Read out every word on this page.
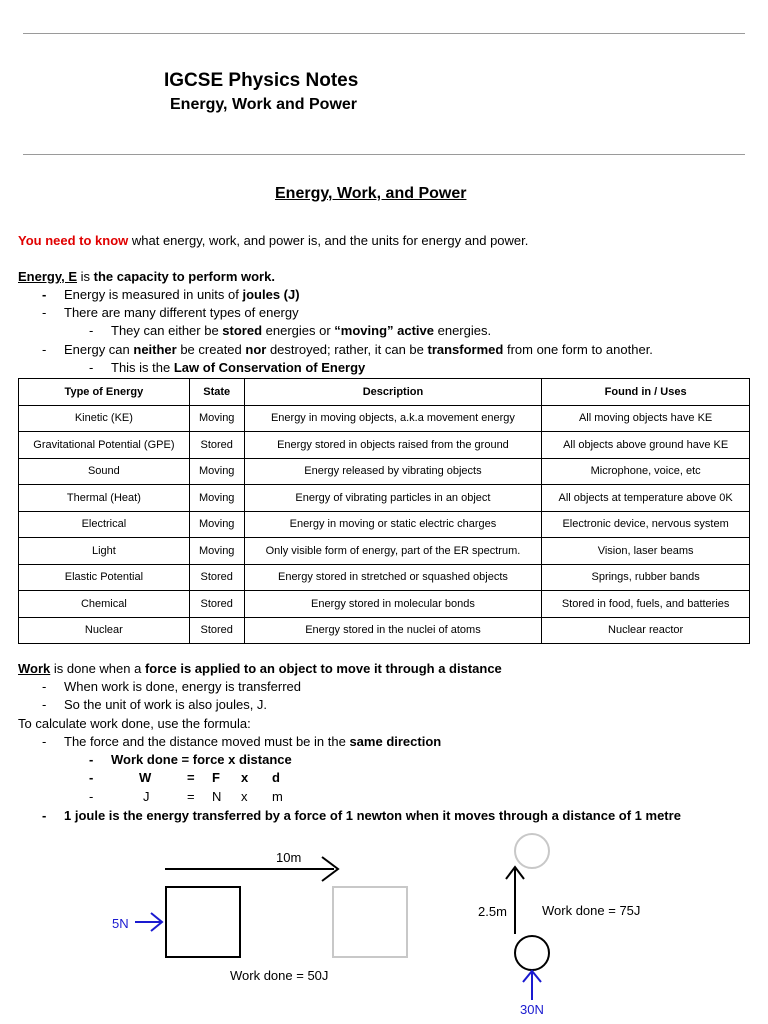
IGCSE Physics Notes
Energy, Work and Power
Energy, Work, and Power
You need to know what energy, work, and power is, and the units for energy and power.
Energy, E is the capacity to perform work.
- Energy is measured in units of joules (J)
- There are many different types of energy
- They can either be stored energies or “moving” active energies.
- Energy can neither be created nor destroyed; rather, it can be transformed from one form to another.
- This is the Law of Conservation of Energy
Type of Energy	State	Description	Found in / Uses
Kinetic (KE)	Moving	Energy in moving objects, a.k.a movement energy	All moving objects have KE
Gravitational Potential (GPE)	Stored	Energy stored in objects raised from the ground	All objects above ground have KE
Sound	Moving	Energy released by vibrating objects	Microphone, voice, etc
Thermal (Heat)	Moving	Energy of vibrating particles in an object	All objects at temperature above 0K
Electrical	Moving	Energy in moving or static electric charges	Electronic device, nervous system
Light	Moving	Only visible form of energy, part of the ER spectrum.	Vision, laser beams
Elastic Potential	Stored	Energy stored in stretched or squashed objects	Springs, rubber bands
Chemical	Stored	Energy stored in molecular bonds	Stored in food, fuels, and batteries
Nuclear	Stored	Energy stored in the nuclei of atoms	Nuclear reactor
Work is done when a force is applied to an object to move it through a distance
- When work is done, energy is transferred
- So the unit of work is also joules, J.
To calculate work done, use the formula:
- The force and the distance moved must be in the same direction
- Work done = force x distance
-	W	= F x d
-	J	= N x m
- 1 joule is the energy transferred by a force of 1 newton when it moves through a distance of 1 metre
10m
5N
Work done = 50J
2.5m	Work done = 75J
30N
